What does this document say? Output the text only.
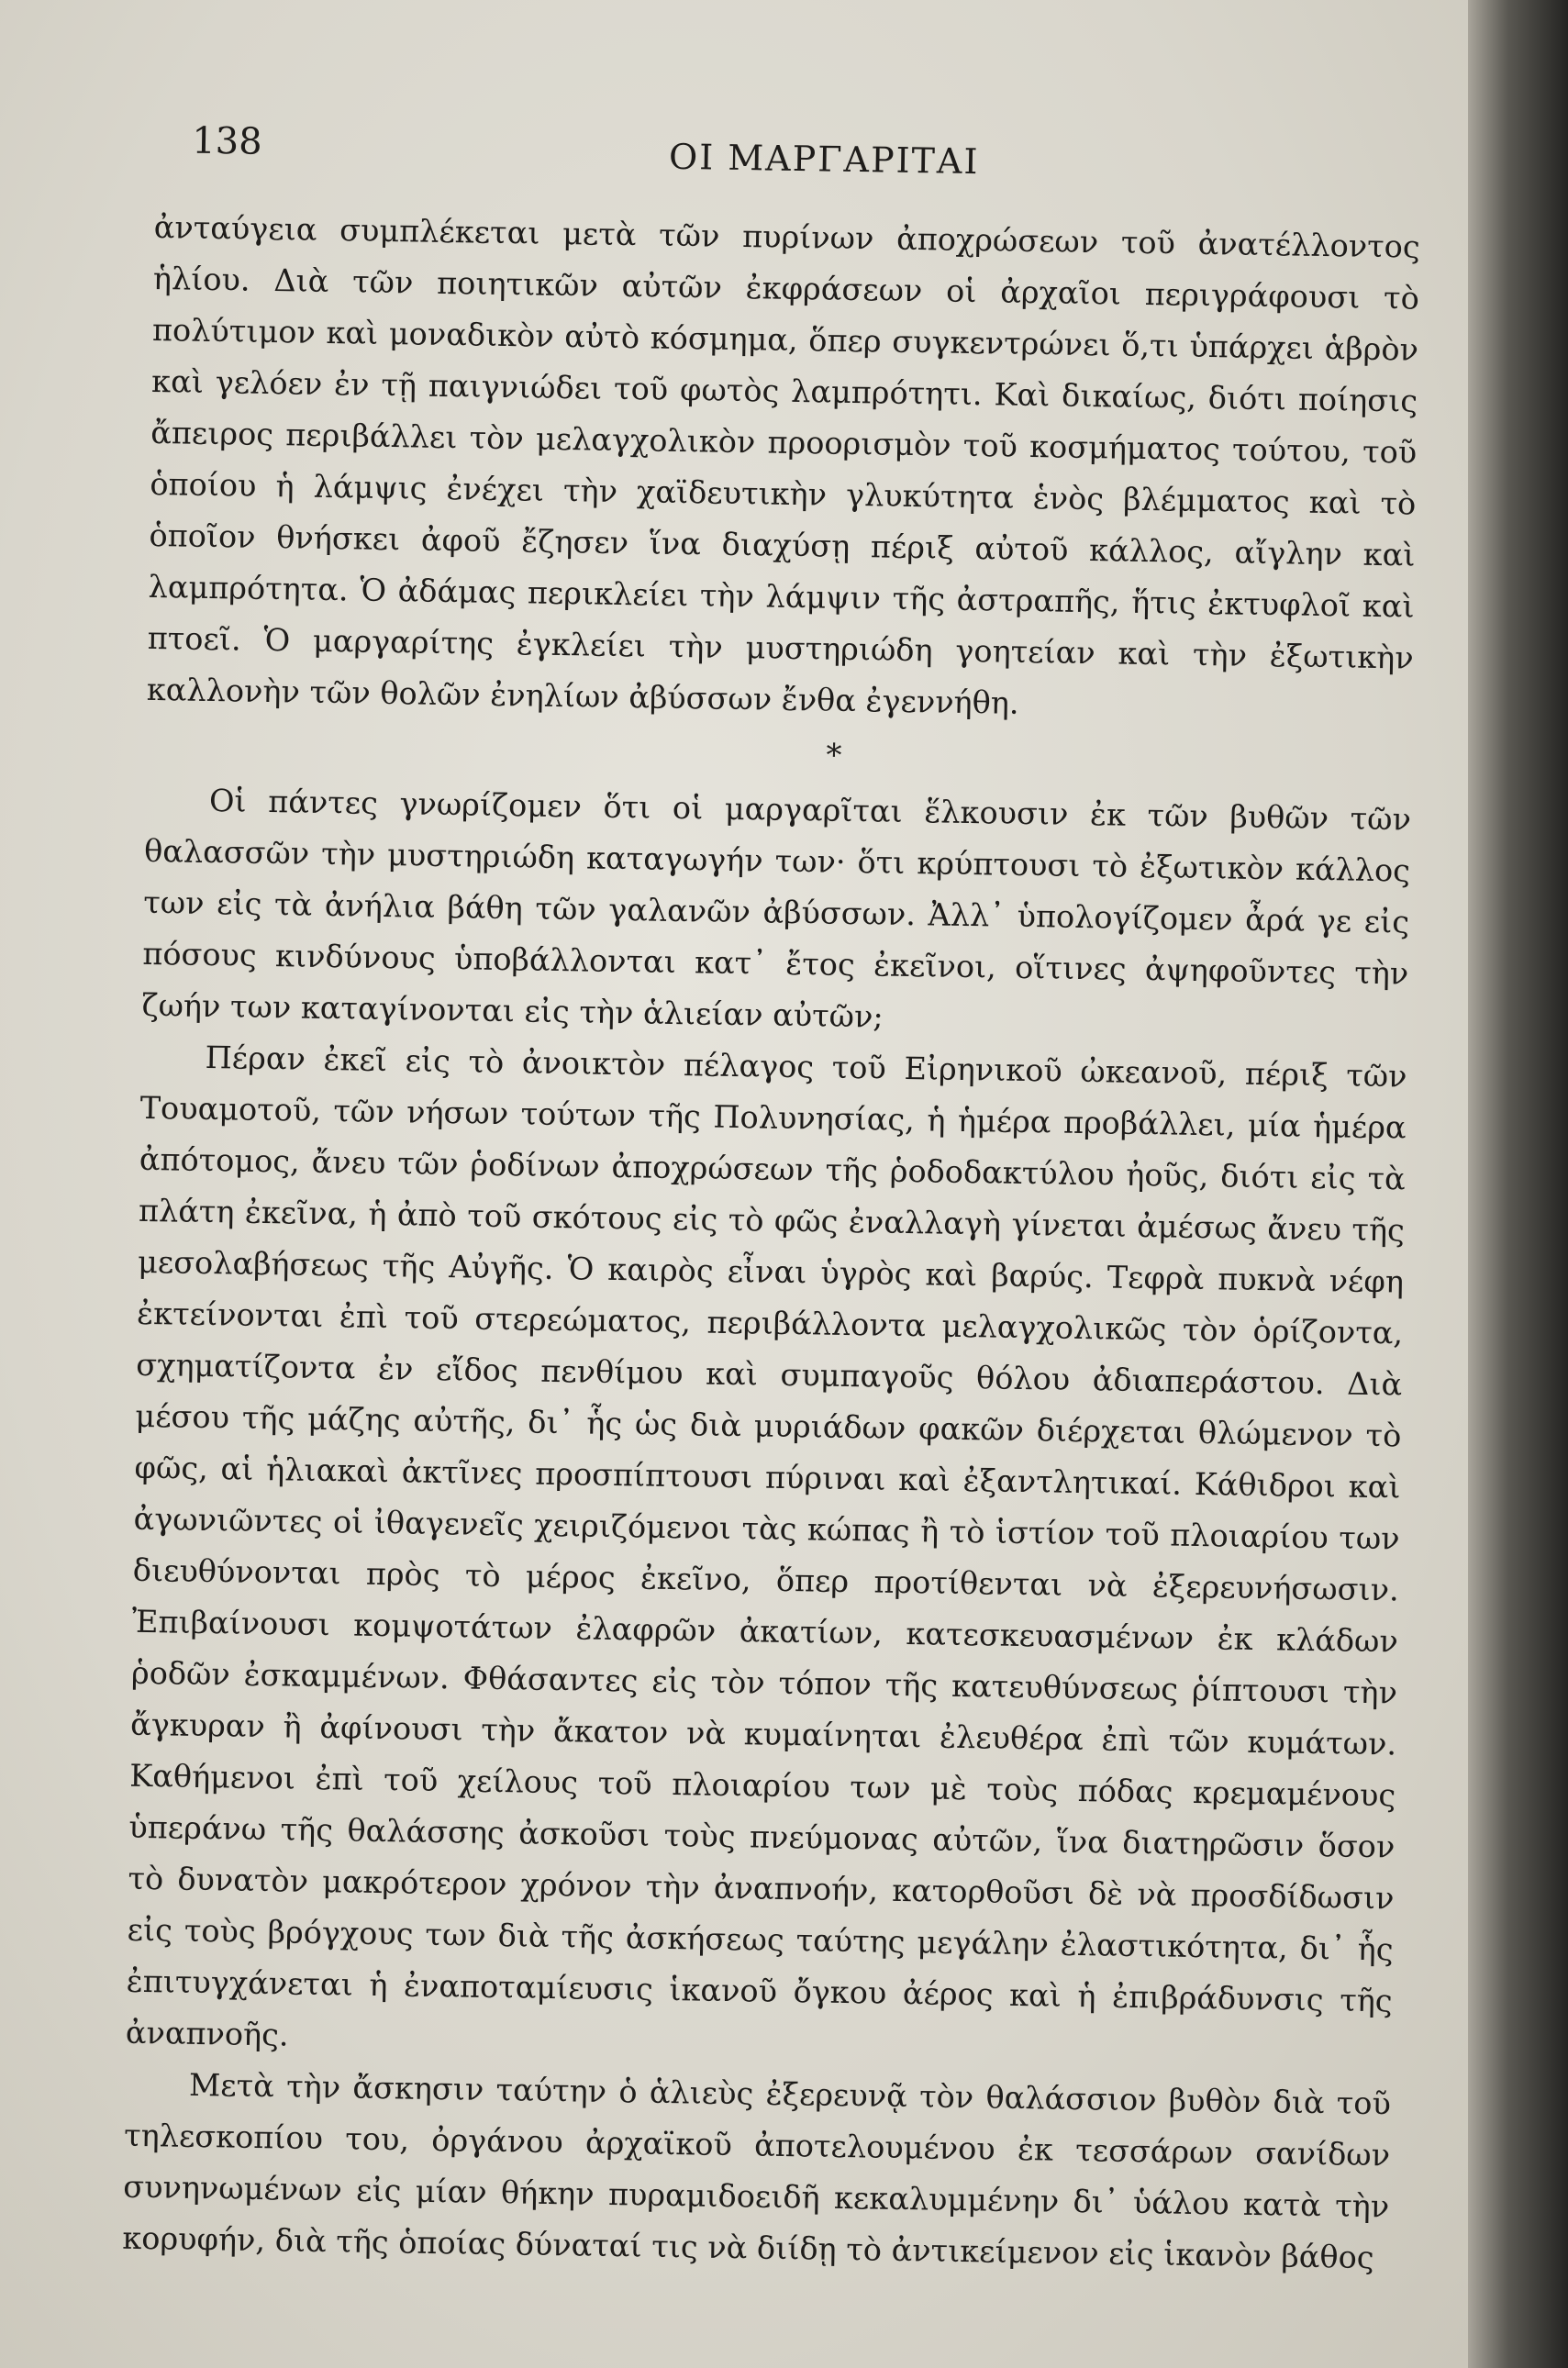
138	ΟΙ ΜΑΡΓΑΡΙΤΑΙ

ἀνταύγεια συμπλέκεται μετὰ τῶν πυρίνων ἀποχρώσεων τοῦ ἀνατέλλοντος ἡλίου. Διὰ τῶν ποιητικῶν αὐτῶν ἐκφράσεων οἱ ἀρχαῖοι περιγράφουσι τὸ πολύτιμον καὶ μοναδικὸν αὐτὸ κόσμημα, ὅπερ συγκεντρώνει ὅ,τι ὑπάρχει ἁβρὸν καὶ γελόεν ἐν τῇ παιγνιώδει τοῦ φωτὸς λαμπρότητι. Καὶ δικαίως, διότι ποίησις ἄπειρος περιβάλλει τὸν μελαγχολικὸν προορισμὸν τοῦ κοσμήματος τούτου, τοῦ ὁποίου ἡ λάμψις ἐνέχει τὴν χαϊδευτικὴν γλυκύτητα ἑνὸς βλέμματος καὶ τὸ ὁποῖον θνήσκει ἀφοῦ ἔζησεν ἵνα διαχύσῃ πέριξ αὐτοῦ κάλλος, αἴγλην καὶ λαμπρότητα. Ὁ ἀδάμας περικλείει τὴν λάμψιν τῆς ἀστραπῆς, ἥτις ἐκτυφλοῖ καὶ πτοεῖ. Ὁ μαργαρίτης ἐγκλείει τὴν μυστηριώδη γοητείαν καὶ τὴν ἐξωτικὴν καλλονὴν τῶν θολῶν ἐνηλίων ἀβύσσων ἔνθα ἐγεννήθη.

*

Οἱ πάντες γνωρίζομεν ὅτι οἱ μαργαρῖται ἕλκουσιν ἐκ τῶν βυθῶν τῶν θαλασσῶν τὴν μυστηριώδη καταγωγήν των· ὅτι κρύπτουσι τὸ ἐξωτικὸν κάλλος των εἰς τὰ ἀνήλια βάθη τῶν γαλανῶν ἀβύσσων. Ἀλλ᾿ ὑπολογίζομεν ἆρά γε εἰς πόσους κινδύνους ὑποβάλλονται κατ᾿ ἔτος ἐκεῖνοι, οἵτινες ἀψηφοῦντες τὴν ζωήν των καταγίνονται εἰς τὴν ἁλιείαν αὐτῶν;

Πέραν ἐκεῖ εἰς τὸ ἀνοικτὸν πέλαγος τοῦ Εἰρηνικοῦ ὠκεανοῦ, πέριξ τῶν Τουαμοτοῦ, τῶν νήσων τούτων τῆς Πολυνησίας, ἡ ἡμέρα προβάλλει, μία ἡμέρα ἀπότομος, ἄνευ τῶν ῥοδίνων ἀποχρώσεων τῆς ῥοδοδακτύλου ἠοῦς, διότι εἰς τὰ πλάτη ἐκεῖνα, ἡ ἀπὸ τοῦ σκότους εἰς τὸ φῶς ἐναλλαγὴ γίνεται ἀμέσως ἄνευ τῆς μεσολαβήσεως τῆς Αὐγῆς. Ὁ καιρὸς εἶναι ὑγρὸς καὶ βαρύς. Τεφρὰ πυκνὰ νέφη ἐκτείνονται ἐπὶ τοῦ στερεώματος, περιβάλλοντα μελαγχολικῶς τὸν ὁρίζοντα, σχηματίζοντα ἐν εἴδος πενθίμου καὶ συμπαγοῦς θόλου ἀδιαπεράστου. Διὰ μέσου τῆς μάζης αὐτῆς, δι᾿ ἧς ὡς διὰ μυριάδων φακῶν διέρχεται θλώμενον τὸ φῶς, αἱ ἡλιακαὶ ἀκτῖνες προσπίπτουσι πύριναι καὶ ἐξαντλητικαί. Κάθιδροι καὶ ἀγωνιῶντες οἱ ἰθαγενεῖς χειριζόμενοι τὰς κώπας ἢ τὸ ἱστίον τοῦ πλοιαρίου των διευθύνονται πρὸς τὸ μέρος ἐκεῖνο, ὅπερ προτίθενται νὰ ἐξερευνήσωσιν. Ἐπιβαίνουσι κομψοτάτων ἐλαφρῶν ἀκατίων, κατεσκευασμένων ἐκ κλάδων ῥοδῶν ἐσκαμμένων. Φθάσαντες εἰς τὸν τόπον τῆς κατευθύνσεως ῥίπτουσι τὴν ἄγκυραν ἢ ἀφίνουσι τὴν ἄκατον νὰ κυμαίνηται ἐλευθέρα ἐπὶ τῶν κυμάτων. Καθήμενοι ἐπὶ τοῦ χείλους τοῦ πλοιαρίου των μὲ τοὺς πόδας κρεμαμένους ὑπεράνω τῆς θαλάσσης ἀσκοῦσι τοὺς πνεύμονας αὐτῶν, ἵνα διατηρῶσιν ὅσον τὸ δυνατὸν μακρότερον χρόνον τὴν ἀναπνοήν, κατορθοῦσι δὲ νὰ προσδίδωσιν εἰς τοὺς βρόγχους των διὰ τῆς ἀσκήσεως ταύτης μεγάλην ἐλαστικότητα, δι᾿ ἧς ἐπιτυγχάνεται ἡ ἐναποταμίευσις ἱκανοῦ ὄγκου ἀέρος καὶ ἡ ἐπιβράδυνσις τῆς ἀναπνοῆς.

Μετὰ τὴν ἄσκησιν ταύτην ὁ ἁλιεὺς ἐξερευνᾷ τὸν θαλάσσιον βυθὸν διὰ τοῦ τηλεσκοπίου του, ὀργάνου ἀρχαϊκοῦ ἀποτελουμένου ἐκ τεσσάρων σανίδων συνηνωμένων εἰς μίαν θήκην πυραμιδοειδῆ κεκαλυμμένην δι᾿ ὑάλου κατὰ τὴν κορυφήν, διὰ τῆς ὁποίας δύναταί τις νὰ διίδῃ τὸ ἀντικείμενον εἰς ἱκανὸν βάθος
